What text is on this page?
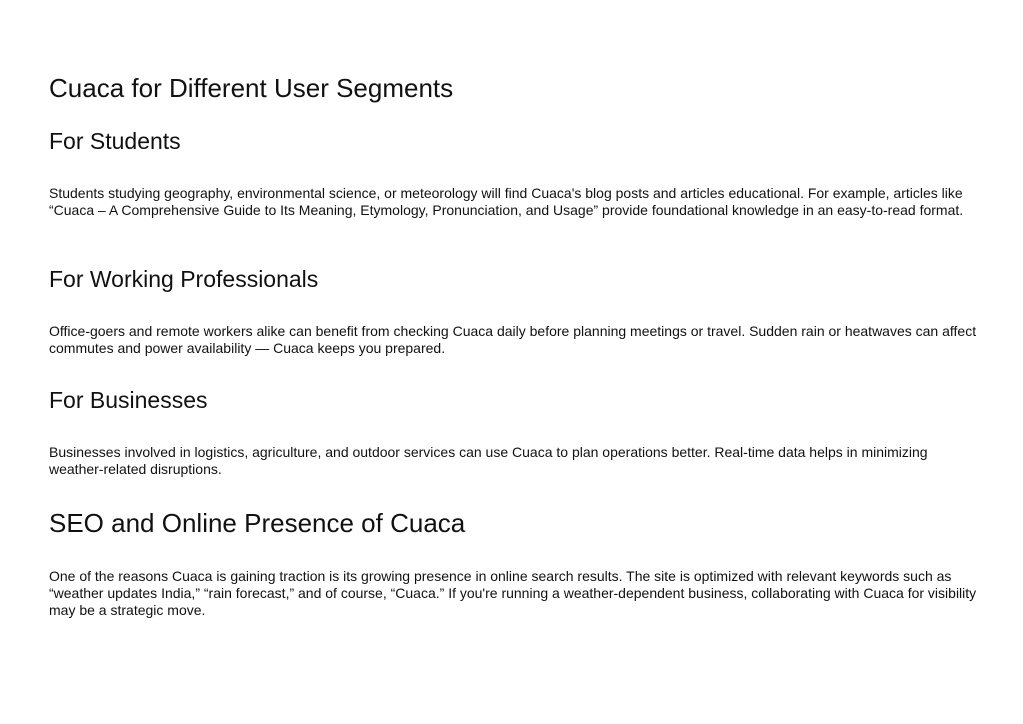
Cuaca for Different User Segments
For Students

Students studying geography, environmental science, or meteorology will find Cuaca's blog posts and articles educational. For example, articles like “Cuaca – A Comprehensive Guide to Its Meaning, Etymology, Pronunciation, and Usage” provide foundational knowledge in an easy-to-read format.

For Working Professionals

Office-goers and remote workers alike can benefit from checking Cuaca daily before planning meetings or travel. Sudden rain or heatwaves can affect commutes and power availability — Cuaca keeps you prepared.

For Businesses

Businesses involved in logistics, agriculture, and outdoor services can use Cuaca to plan operations better. Real-time data helps in minimizing weather-related disruptions.

SEO and Online Presence of Cuaca

One of the reasons Cuaca is gaining traction is its growing presence in online search results. The site is optimized with relevant keywords such as “weather updates India,” “rain forecast,” and of course, “Cuaca.” If you're running a weather-dependent business, collaborating with Cuaca for visibility may be a strategic move.
